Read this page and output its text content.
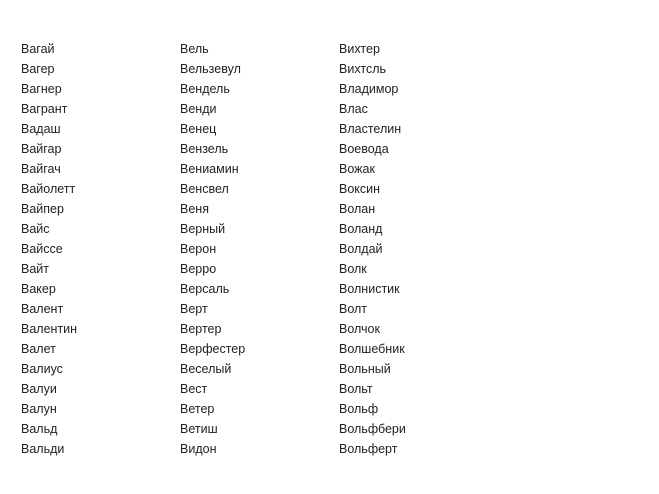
Вагай
Вагер
Вагнер
Вагрант
Вадаш
Вайгар
Вайгач
Вайолетт
Вайпер
Вайс
Вайссе
Вайт
Вакер
Валент
Валентин
Валет
Валиус
Валуи
Валун
Вальд
Вальди
Вель
Вельзевул
Вендель
Венди
Венец
Вензель
Вениамин
Венсвел
Веня
Верный
Верон
Верро
Версаль
Верт
Вертер
Верфестер
Веселый
Вест
Ветер
Ветиш
Видон
Вихтер
Вихтсль
Владимор
Влас
Властелин
Воевода
Вожак
Воксин
Волан
Воланд
Волдай
Волк
Волнистик
Волт
Волчок
Волшебник
Вольный
Вольт
Вольф
Вольфбери
Вольферт
